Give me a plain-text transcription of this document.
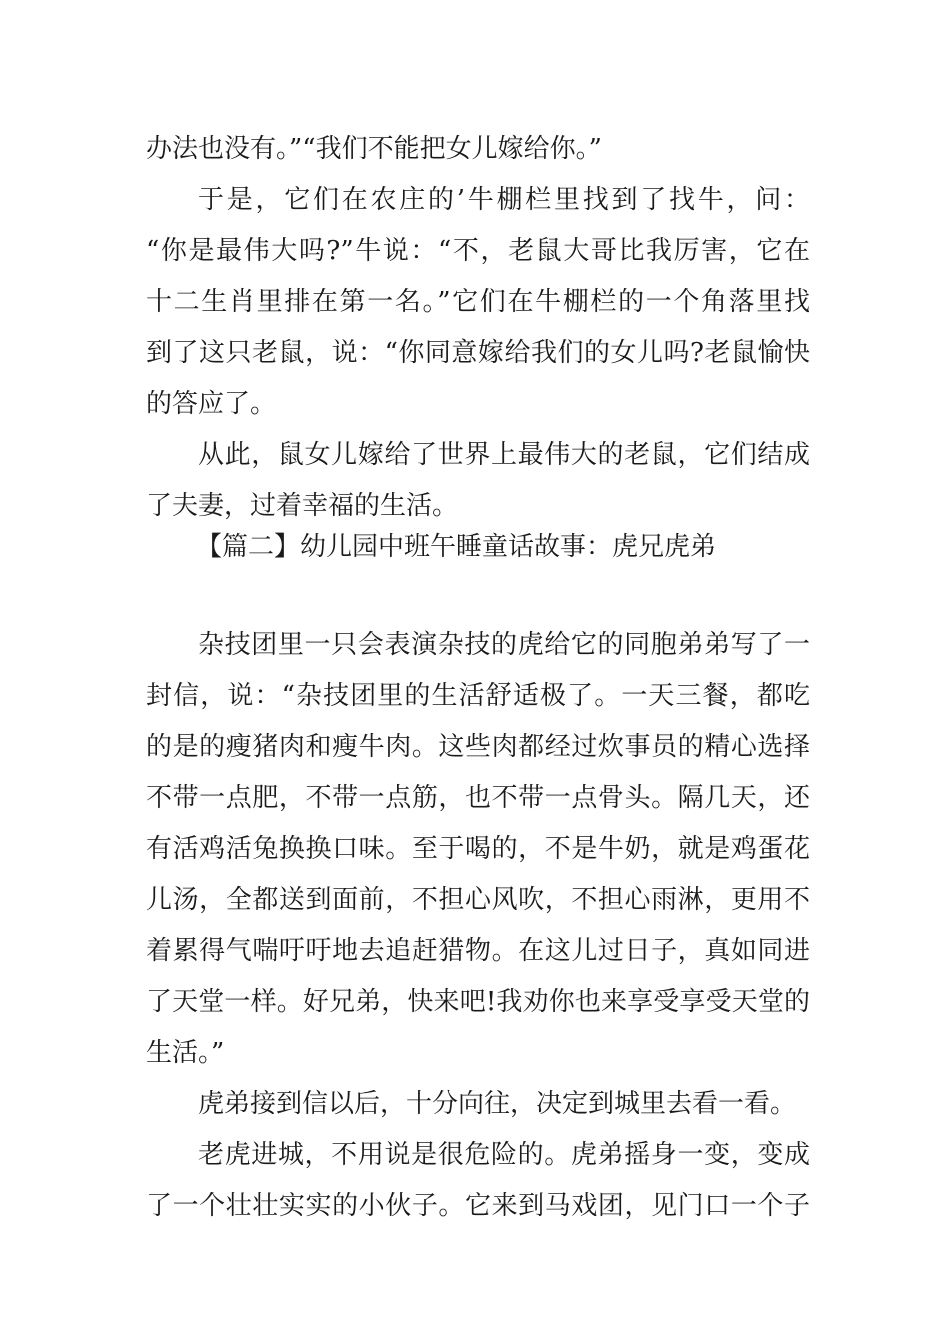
办法也没有。”“我们不能把女儿嫁给你。”
于是，它们在农庄的’牛棚栏里找到了找牛，问：
“你是最伟大吗?”牛说：“不，老鼠大哥比我厉害，它在
十二生肖里排在第一名。”它们在牛棚栏的一个角落里找
到了这只老鼠，说：“你同意嫁给我们的女儿吗?老鼠愉快
的答应了。
从此，鼠女儿嫁给了世界上最伟大的老鼠，它们结成
了夫妻，过着幸福的生活。
【篇二】幼儿园中班午睡童话故事：虎兄虎弟
杂技团里一只会表演杂技的虎给它的同胞弟弟写了一
封信，说：“杂技团里的生活舒适极了。一天三餐，都吃
的是的瘦猪肉和瘦牛肉。这些肉都经过炊事员的精心选择
不带一点肥，不带一点筋，也不带一点骨头。隔几天，还
有活鸡活兔换换口味。至于喝的，不是牛奶，就是鸡蛋花
儿汤，全都送到面前，不担心风吹，不担心雨淋，更用不
着累得气喘吁吁地去追赶猎物。在这儿过日子，真如同进
了天堂一样。好兄弟，快来吧!我劝你也来享受享受天堂的
生活。”
虎弟接到信以后，十分向往，决定到城里去看一看。
老虎进城，不用说是很危险的。虎弟摇身一变，变成
了一个壮壮实实的小伙子。它来到马戏团，见门口一个子
